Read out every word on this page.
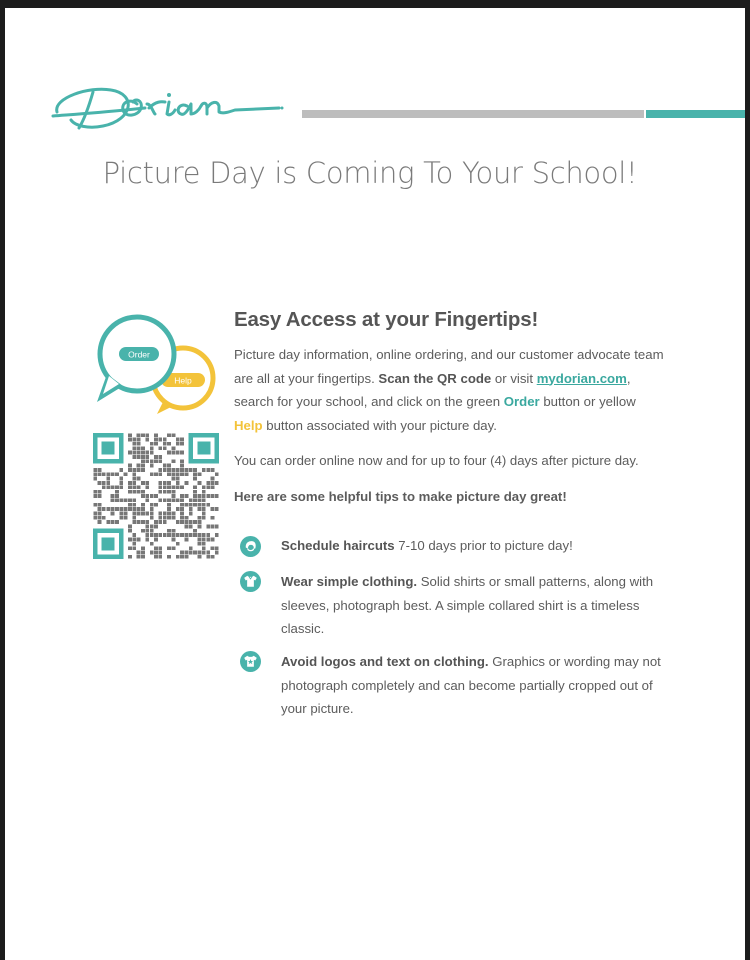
Picture Day is Coming To Your School!
Help
Order
Easy Access at your Fingertips!
Picture day information, online ordering, and our customer advocate team are all at your fingertips. Scan the QR code or visit mydorian.com, search for your school, and click on the green Order button or yellow Help button associated with your picture day.
You can order online now and for up to four (4) days after picture day.
Here are some helpful tips to make picture day great!
Schedule haircuts 7-10 days prior to picture day!
Wear simple clothing. Solid shirts or small patterns, along with sleeves, photograph best. A simple collared shirt is a timeless classic.
Avoid logos and text on clothing. Graphics or wording may not photograph completely and can become partially cropped out of your picture.
